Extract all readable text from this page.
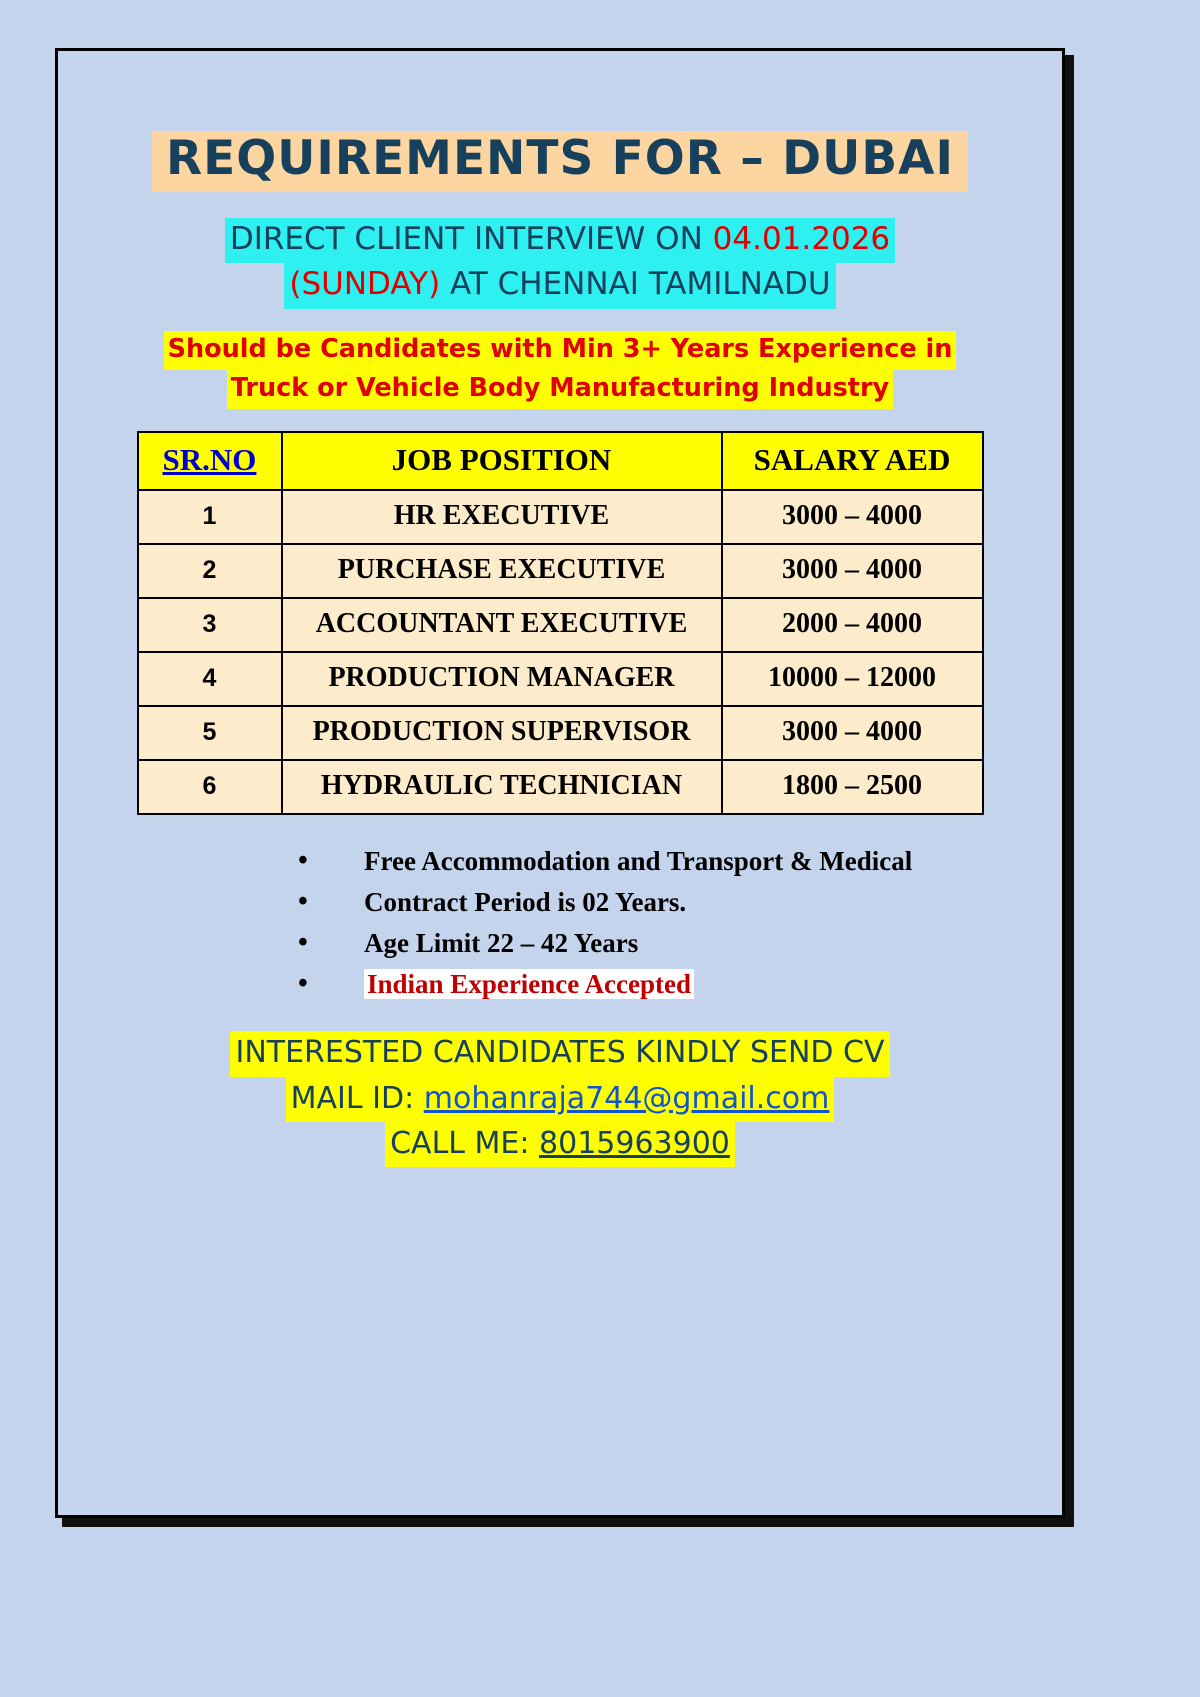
REQUIREMENTS FOR – DUBAI
DIRECT CLIENT INTERVIEW ON 04.01.2026
(SUNDAY) AT CHENNAI TAMILNADU
Should be Candidates with Min 3+ Years Experience in
Truck or Vehicle Body Manufacturing Industry
SR.NO	JOB POSITION	SALARY AED
1	HR EXECUTIVE	3000 – 4000
2	PURCHASE EXECUTIVE	3000 – 4000
3	ACCOUNTANT EXECUTIVE	2000 – 4000
4	PRODUCTION MANAGER	10000 – 12000
5	PRODUCTION SUPERVISOR	3000 – 4000
6	HYDRAULIC TECHNICIAN	1800 – 2500
• Free Accommodation and Transport & Medical
• Contract Period is 02 Years.
• Age Limit 22 – 42 Years
• Indian Experience Accepted
INTERESTED CANDIDATES KINDLY SEND CV
MAIL ID: mohanraja744@gmail.com
CALL ME: 8015963900
